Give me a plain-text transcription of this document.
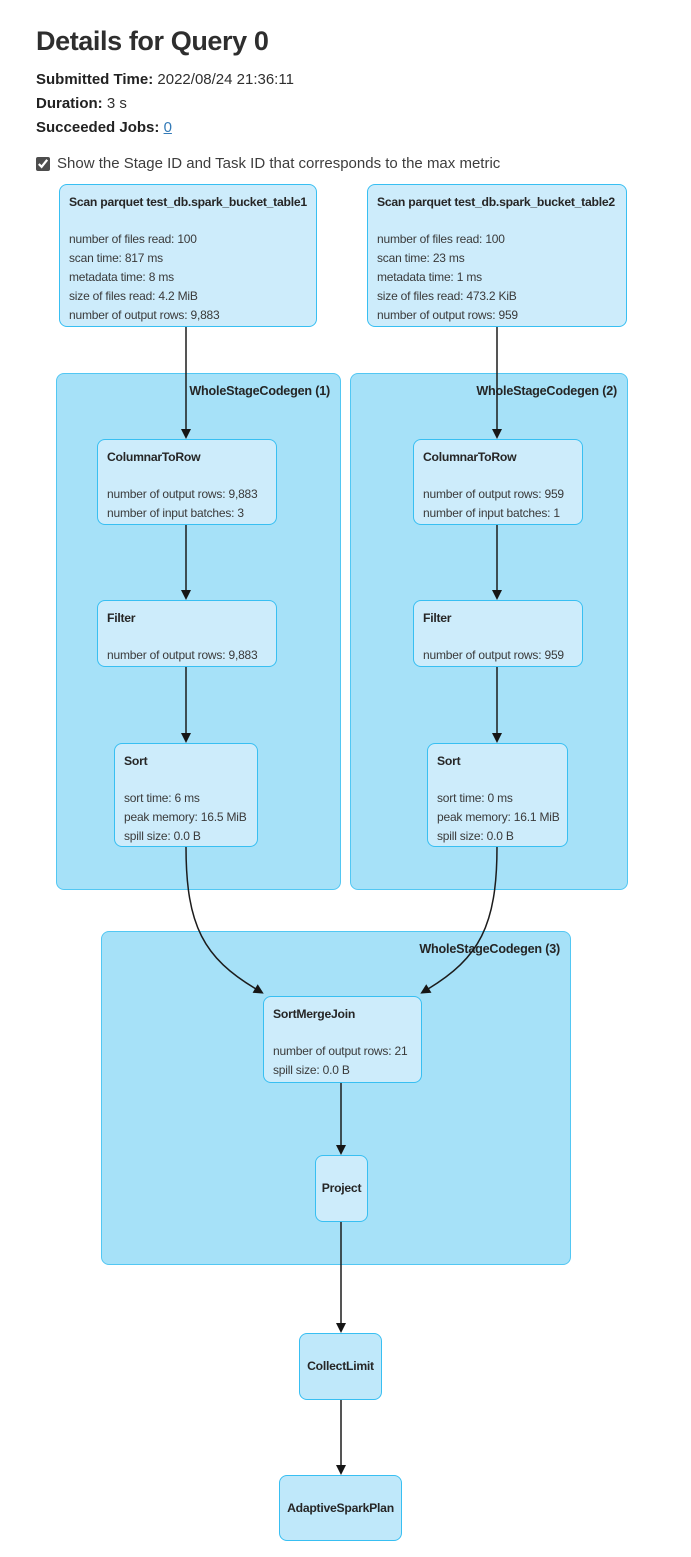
Details for Query 0
Submitted Time: 2022/08/24 21:36:11
Duration: 3 s
Succeeded Jobs: 0
Show the Stage ID and Task ID that corresponds to the max metric
WholeStageCodegen (1)	WholeStageCodegen (2)
WholeStageCodegen (3)
Scan parquet test_db.spark_bucket_table1
number of files read: 100
scan time: 817 ms
metadata time: 8 ms
size of files read: 4.2 MiB
number of output rows: 9,883
Scan parquet test_db.spark_bucket_table2
number of files read: 100
scan time: 23 ms
metadata time: 1 ms
size of files read: 473.2 KiB
number of output rows: 959
ColumnarToRow
number of output rows: 9,883
number of input batches: 3
ColumnarToRow
number of output rows: 959
number of input batches: 1
Filter
number of output rows: 9,883
Filter
number of output rows: 959
Sort
sort time: 6 ms
peak memory: 16.5 MiB
spill size: 0.0 B
Sort
sort time: 0 ms
peak memory: 16.1 MiB
spill size: 0.0 B
SortMergeJoin
number of output rows: 21
spill size: 0.0 B
Project
CollectLimit
AdaptiveSparkPlan
